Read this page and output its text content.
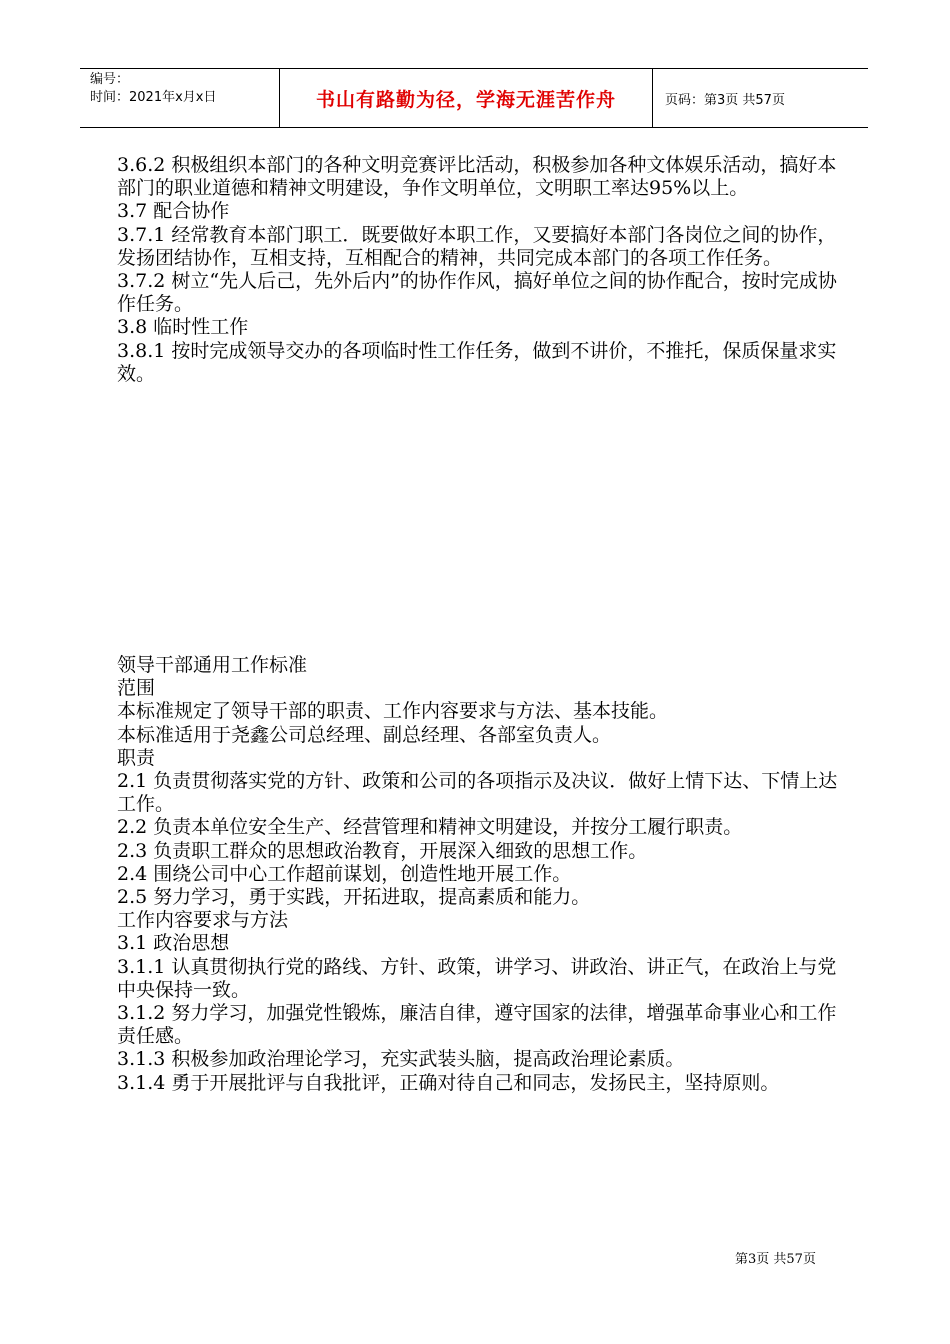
编号：
时间：2021年x月x日	书山有路勤为径，学海无涯苦作舟	页码：第3页 共57页

3.6.2 积极组织本部门的各种文明竞赛评比活动，积极参加各种文体娱乐活动，搞好本部门的职业道德和精神文明建设，争作文明单位，文明职工率达95%以上。

3.7 配合协作

3.7.1 经常教育本部门职工．既要做好本职工作，又要搞好本部门各岗位之间的协作，发扬团结协作，互相支持，互相配合的精神，共同完成本部门的各项工作任务。

3.7.2 树立“先人后己，先外后内”的协作作风，搞好单位之间的协作配合，按时完成协作任务。

3.8 临时性工作

3.8.1 按时完成领导交办的各项临时性工作任务，做到不讲价，不推托，保质保量求实效。

领导干部通用工作标准

范围

本标准规定了领导干部的职责、工作内容要求与方法、基本技能。

本标准适用于尧鑫公司总经理、副总经理、各部室负责人。

职责

2.1 负责贯彻落实党的方针、政策和公司的各项指示及决议．做好上情下达、下情上达工作。

2.2 负责本单位安全生产、经营管理和精神文明建设，并按分工履行职责。

2.3 负责职工群众的思想政治教育，开展深入细致的思想工作。

2.4 围绕公司中心工作超前谋划，创造性地开展工作。

2.5 努力学习，勇于实践，开拓进取，提高素质和能力。

工作内容要求与方法

3.1 政治思想

3.1.1 认真贯彻执行党的路线、方针、政策，讲学习、讲政治、讲正气，在政治上与党中央保持一致。

3.1.2 努力学习，加强党性锻炼，廉洁自律，遵守国家的法律，增强革命事业心和工作责任感。

3.1.3 积极参加政治理论学习，充实武装头脑，提高政治理论素质。

3.1.4 勇于开展批评与自我批评，正确对待自己和同志，发扬民主，坚持原则。

第3页 共57页
